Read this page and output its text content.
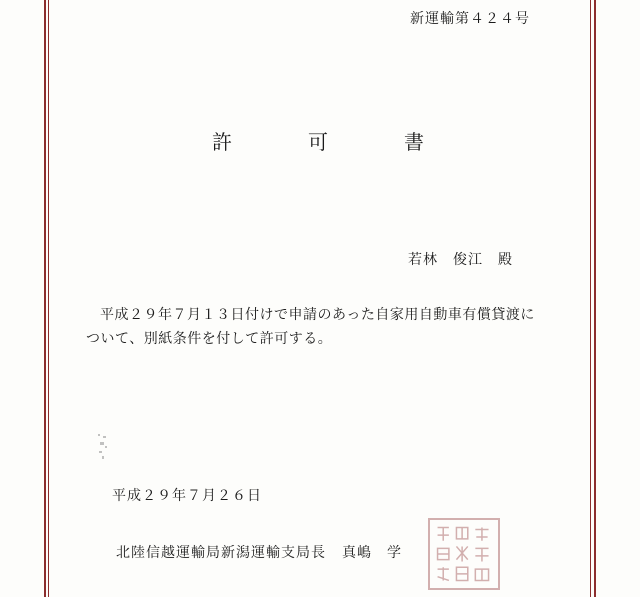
新運輸第４２４号
許	可	書
若林　俊江　 殿
平成２９年７月１３日付けで申請のあった自家用自動車有償貸渡に
ついて、別紙条件を付して許可する。
平成２９年７月２６日
北陸信越運輸局新潟運輸支局長 真嶋　学
